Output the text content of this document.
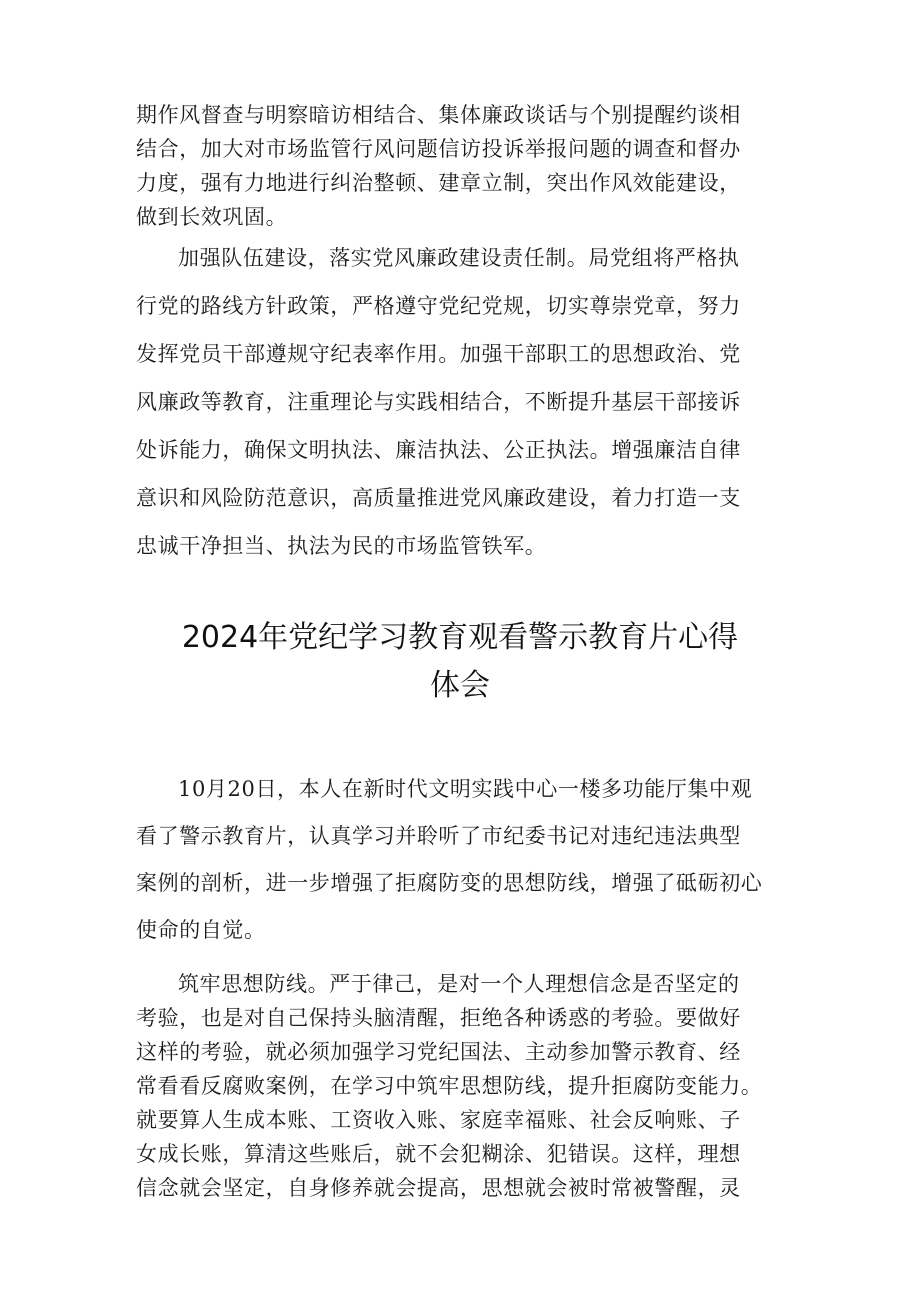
期作风督查与明察暗访相结合、集体廉政谈话与个别提醒约谈相
结合，加大对市场监管行风问题信访投诉举报问题的调查和督办
力度，强有力地进行纠治整顿、建章立制，突出作风效能建设，
做到长效巩固。
加强队伍建设，落实党风廉政建设责任制。局党组将严格执
行党的路线方针政策，严格遵守党纪党规，切实尊崇党章，努力
发挥党员干部遵规守纪表率作用。加强干部职工的思想政治、党
风廉政等教育，注重理论与实践相结合，不断提升基层干部接诉
处诉能力，确保文明执法、廉洁执法、公正执法。增强廉洁自律
意识和风险防范意识，高质量推进党风廉政建设，着力打造一支
忠诚干净担当、执法为民的市场监管铁军。
2024年党纪学习教育观看警示教育片心得
体会
10月20日，本人在新时代文明实践中心一楼多功能厅集中观
看了警示教育片，认真学习并聆听了市纪委书记对违纪违法典型
案例的剖析，进一步增强了拒腐防变的思想防线，增强了砥砺初心
使命的自觉。
筑牢思想防线。严于律己，是对一个人理想信念是否坚定的
考验，也是对自己保持头脑清醒，拒绝各种诱惑的考验。要做好
这样的考验，就必须加强学习党纪国法、主动参加警示教育、经
常看看反腐败案例，在学习中筑牢思想防线，提升拒腐防变能力。
就要算人生成本账、工资收入账、家庭幸福账、社会反响账、子
女成长账，算清这些账后，就不会犯糊涂、犯错误。这样，理想
信念就会坚定，自身修养就会提高，思想就会被时常被警醒，灵
